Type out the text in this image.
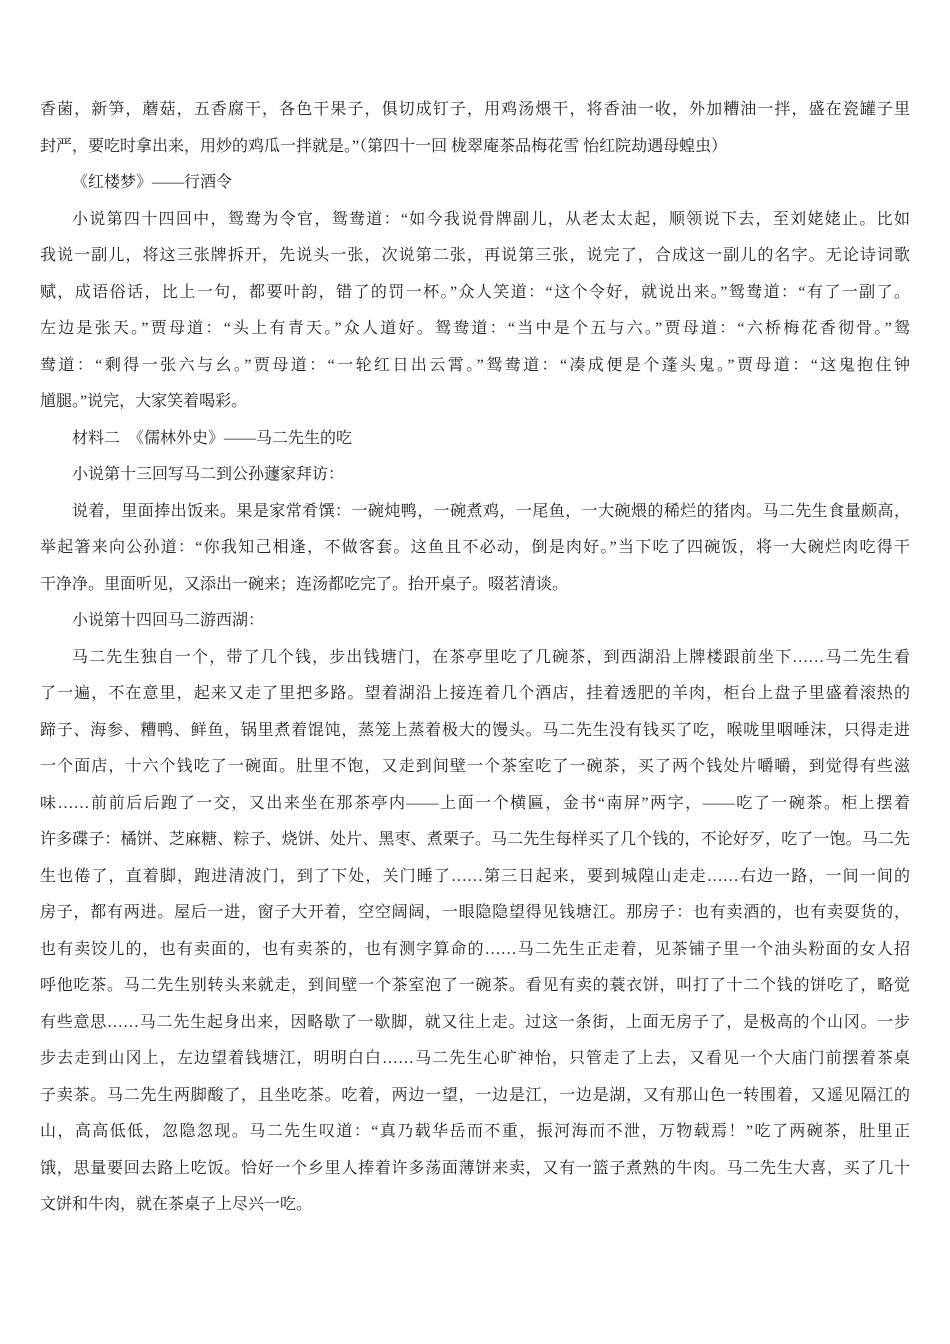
香菌，新笋，蘑菇，五香腐干，各色干果子，俱切成钉子，用鸡汤煨干，将香油一收，外加糟油一拌，盛在瓷罐子里
封严，要吃时拿出来，用炒的鸡瓜一拌就是。”（第四十一回 栊翠庵茶品梅花雪 怡红院劫遇母蝗虫）
《红楼梦》——行酒令
小说第四十四回中，鸳鸯为令官，鸳鸯道：“如今我说骨牌副儿，从老太太起，顺领说下去，至刘姥姥止。比如
我说一副儿，将这三张牌拆开，先说头一张，次说第二张，再说第三张，说完了，合成这一副儿的名字。无论诗词歌
赋，成语俗话，比上一句，都要叶韵，错了的罚一杯。”众人笑道：“这个令好，就说出来。”鸳鸯道：“有了一副了。
左边是张天。”贾母道：“头上有青天。”众人道好。鸳鸯道：“当中是个五与六。”贾母道：“六桥梅花香彻骨。”鸳
鸯道：“剩得一张六与幺。”贾母道：“一轮红日出云霄。”鸳鸯道：“凑成便是个蓬头鬼。”贾母道：“这鬼抱住钟
馗腿。”说完，大家笑着喝彩。
材料二　《儒林外史》——马二先生的吃
小说第十三回写马二到公孙蘧家拜访：
说着，里面捧出饭来。果是家常肴馔：一碗炖鸭，一碗煮鸡，一尾鱼，一大碗煨的稀烂的猪肉。马二先生食量颇高，
举起箸来向公孙道：“你我知己相逢，不做客套。这鱼且不必动，倒是肉好。”当下吃了四碗饭，将一大碗烂肉吃得干
干净净。里面听见，又添出一碗来；连汤都吃完了。抬开桌子。啜茗清谈。
小说第十四回马二游西湖：
马二先生独自一个，带了几个钱，步出钱塘门，在茶亭里吃了几碗茶，到西湖沿上牌楼跟前坐下……马二先生看
了一遍，不在意里，起来又走了里把多路。望着湖沿上接连着几个酒店，挂着透肥的羊肉，柜台上盘子里盛着滚热的
蹄子、海参、糟鸭、鲜鱼，锅里煮着馄饨，蒸笼上蒸着极大的馒头。马二先生没有钱买了吃，喉咙里咽唾沫，只得走进
一个面店，十六个钱吃了一碗面。肚里不饱，又走到间壁一个茶室吃了一碗茶，买了两个钱处片嚼嚼，到觉得有些滋
味……前前后后跑了一交，又出来坐在那茶亭内——上面一个横匾，金书“南屏”两字，——吃了一碗茶。柜上摆着
许多碟子：橘饼、芝麻糖、粽子、烧饼、处片、黑枣、煮栗子。马二先生每样买了几个钱的，不论好歹，吃了一饱。马二先
生也倦了，直着脚，跑进清波门，到了下处，关门睡了……第三日起来，要到城隍山走走……右边一路，一间一间的
房子，都有两进。屋后一进，窗子大开着，空空阔阔，一眼隐隐望得见钱塘江。那房子：也有卖酒的，也有卖耍货的，
也有卖饺儿的，也有卖面的，也有卖茶的，也有测字算命的……马二先生正走着，见茶铺子里一个油头粉面的女人招
呼他吃茶。马二先生别转头来就走，到间壁一个茶室泡了一碗茶。看见有卖的蓑衣饼，叫打了十二个钱的饼吃了，略觉
有些意思……马二先生起身出来，因略歇了一歇脚，就又往上走。过这一条街，上面无房子了，是极高的个山冈。一步
步去走到山冈上，左边望着钱塘江，明明白白……马二先生心旷神怡，只管走了上去，又看见一个大庙门前摆着茶桌
子卖茶。马二先生两脚酸了，且坐吃茶。吃着，两边一望，一边是江，一边是湖，又有那山色一转围着，又遥见隔江的
山，高高低低，忽隐忽现。马二先生叹道：“真乃载华岳而不重，振河海而不泄，万物载焉！”吃了两碗茶，肚里正
饿，思量要回去路上吃饭。恰好一个乡里人捧着许多荡面薄饼来卖，又有一篮子煮熟的牛肉。马二先生大喜，买了几十
文饼和牛肉，就在茶桌子上尽兴一吃。
